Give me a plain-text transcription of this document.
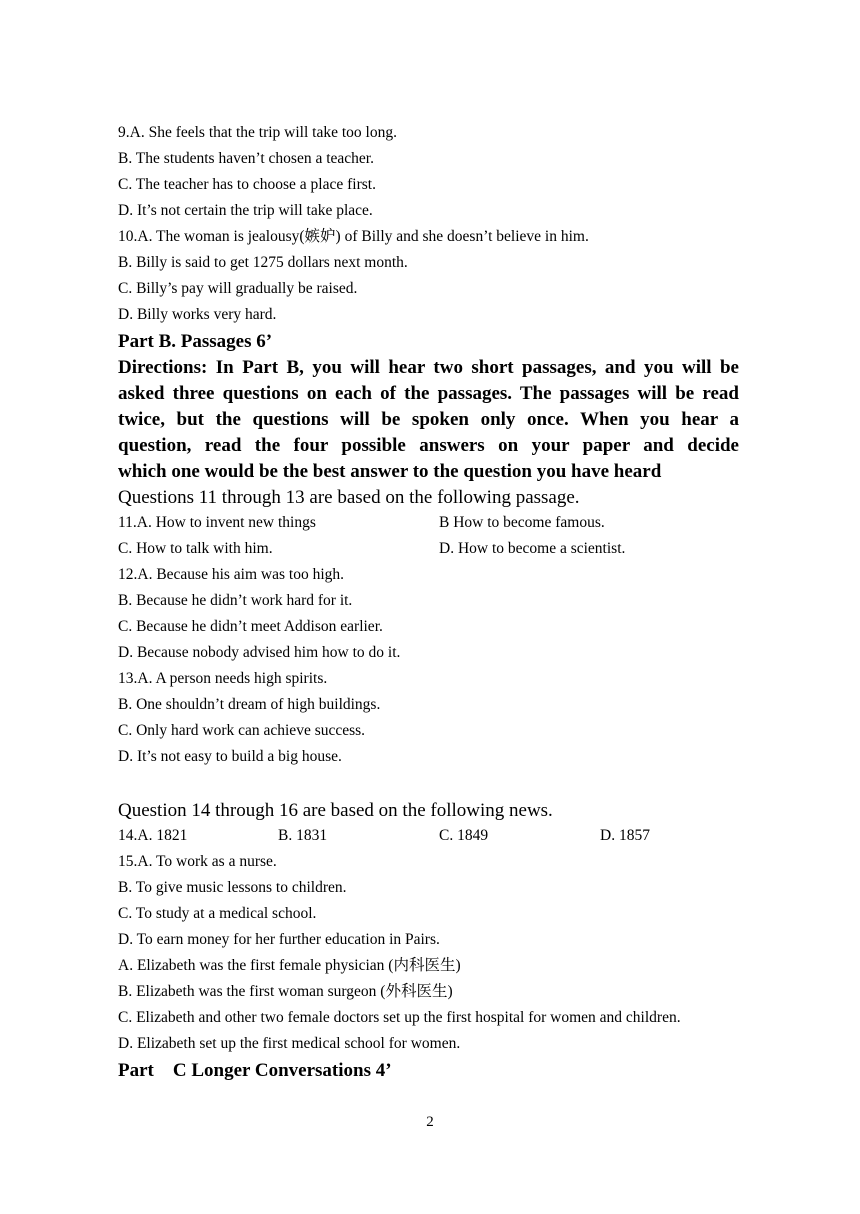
9.A. She feels that the trip will take too long.
B. The students haven’t chosen a teacher.
C. The teacher has to choose a place first.
D. It’s not certain the trip will take place.
10.A. The woman is jealousy(嫉妒) of Billy and she doesn’t believe in him.
B. Billy is said to get 1275 dollars next month.
C. Billy’s pay will gradually be raised.
D. Billy works very hard.
Part B. Passages 6’
Directions: In Part B, you will hear two short passages, and you will be
asked three questions on each of the passages. The passages will be read
twice, but the questions will be spoken only once. When you hear a
question, read the four possible answers on your paper and decide
which one would be the best answer to the question you have heard
Questions 11 through 13 are based on the following passage.
11.A. How to invent new things	B How to become famous.
C. How to talk with him.	D. How to become a scientist.
12.A. Because his aim was too high.
B. Because he didn’t work hard for it.
C. Because he didn’t meet Addison earlier.
D. Because nobody advised him how to do it.
13.A. A person needs high spirits.
B. One shouldn’t dream of high buildings.
C. Only hard work can achieve success.
D. It’s not easy to build a big house.
Question 14 through 16 are based on the following news.
14.A. 1821	B. 1831	C. 1849	D. 1857
15.A. To work as a nurse.
B. To give music lessons to children.
C. To study at a medical school.
D. To earn money for her further education in Pairs.
A. Elizabeth was the first female physician (内科医生)
B. Elizabeth was the first woman surgeon (外科医生)
C. Elizabeth and other two female doctors set up the first hospital for women and children.
D. Elizabeth set up the first medical school for women.
Part    C Longer Conversations 4’
2
